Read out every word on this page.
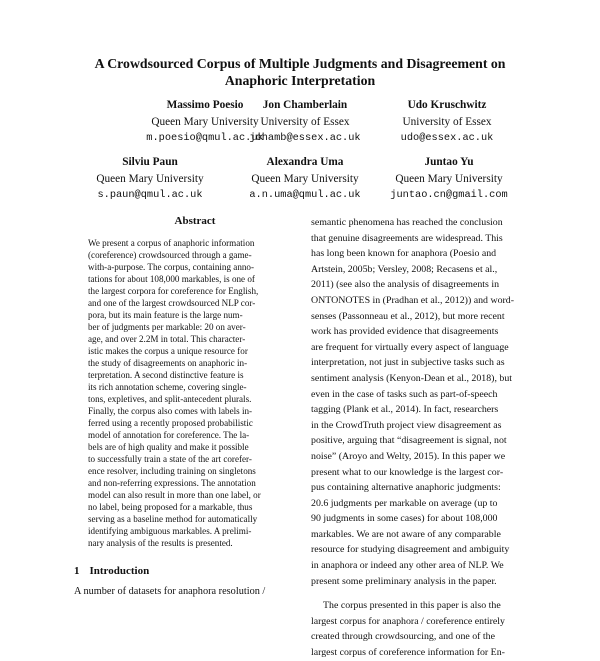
A Crowdsourced Corpus of Multiple Judgments and Disagreement on
Anaphoric Interpretation
Massimo Poesio
Queen Mary University
m.poesio@qmul.ac.uk
Jon Chamberlain
University of Essex
jchamb@essex.ac.uk
Udo Kruschwitz
University of Essex
udo@essex.ac.uk
Silviu Paun
Queen Mary University
s.paun@qmul.ac.uk
Alexandra Uma
Queen Mary University
a.n.uma@qmul.ac.uk
Juntao Yu
Queen Mary University
juntao.cn@gmail.com
Abstract
We present a corpus of anaphoric information
(coreference) crowdsourced through a game-
with-a-purpose. The corpus, containing anno-
tations for about 108,000 markables, is one of
the largest corpora for coreference for English,
and one of the largest crowdsourced NLP cor-
pora, but its main feature is the large num-
ber of judgments per markable: 20 on aver-
age, and over 2.2M in total. This character-
istic makes the corpus a unique resource for
the study of disagreements on anaphoric in-
terpretation. A second distinctive feature is
its rich annotation scheme, covering single-
tons, expletives, and split-antecedent plurals.
Finally, the corpus also comes with labels in-
ferred using a recently proposed probabilistic
model of annotation for coreference. The la-
bels are of high quality and make it possible
to successfully train a state of the art corefer-
ence resolver, including training on singletons
and non-referring expressions. The annotation
model can also result in more than one label, or
no label, being proposed for a markable, thus
serving as a baseline method for automatically
identifying ambiguous markables. A prelimi-
nary analysis of the results is presented.
1 Introduction
A number of datasets for anaphora resolution /
semantic phenomena has reached the conclusion
that genuine disagreements are widespread. This
has long been known for anaphora (Poesio and
Artstein, 2005b; Versley, 2008; Recasens et al.,
2011) (see also the analysis of disagreements in
ONTONOTES in (Pradhan et al., 2012)) and word-
senses (Passonneau et al., 2012), but more recent
work has provided evidence that disagreements
are frequent for virtually every aspect of language
interpretation, not just in subjective tasks such as
sentiment analysis (Kenyon-Dean et al., 2018), but
even in the case of tasks such as part-of-speech
tagging (Plank et al., 2014). In fact, researchers
in the CrowdTruth project view disagreement as
positive, arguing that “disagreement is signal, not
noise” (Aroyo and Welty, 2015). In this paper we
present what to our knowledge is the largest cor-
pus containing alternative anaphoric judgments:
20.6 judgments per markable on average (up to
90 judgments in some cases) for about 108,000
markables. We are not aware of any comparable
resource for studying disagreement and ambiguity
in anaphora or indeed any other area of NLP. We
present some preliminary analysis in the paper.
The corpus presented in this paper is also the
largest corpus for anaphora / coreference entirely
created through crowdsourcing, and one of the
largest corpus of coreference information for En-
